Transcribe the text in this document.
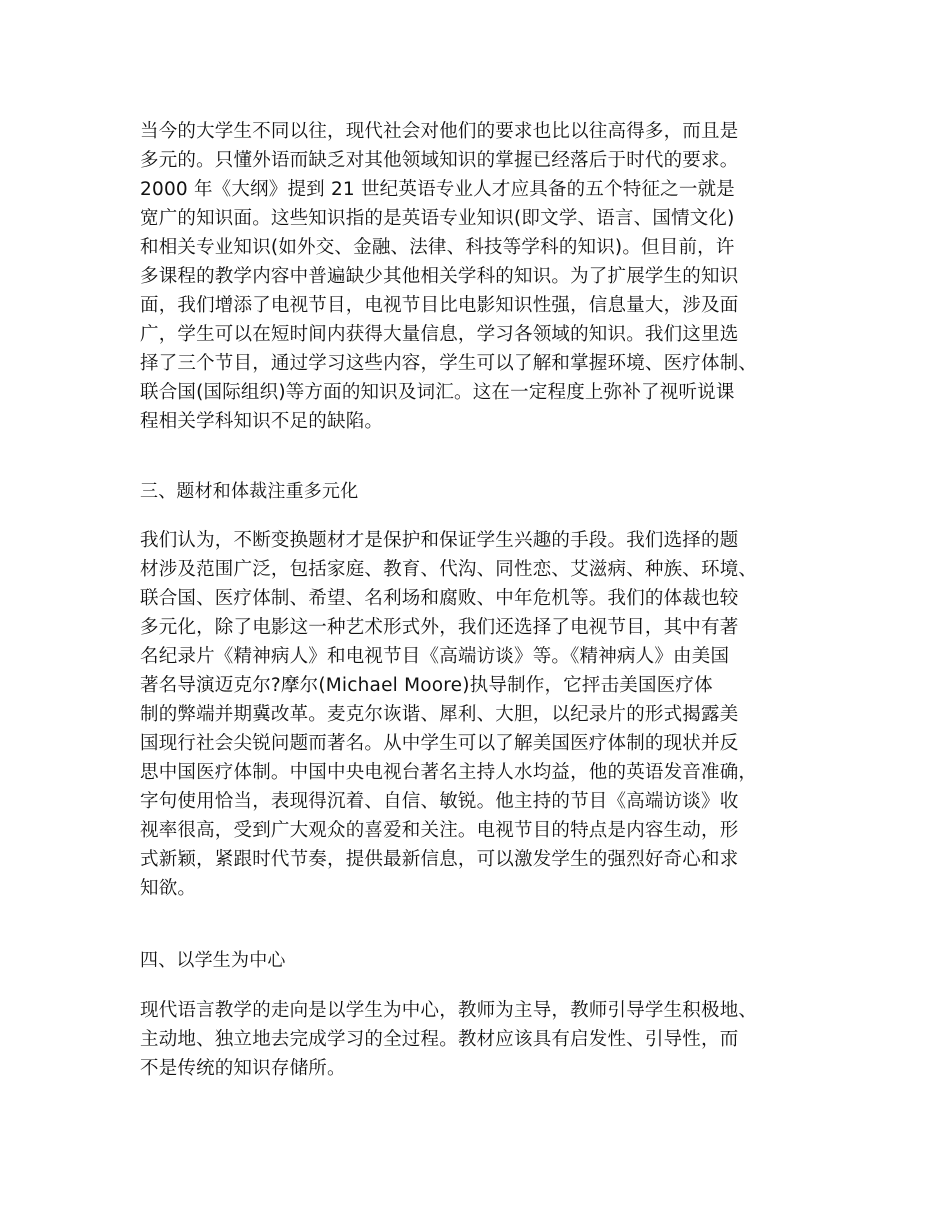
当今的大学生不同以往，现代社会对他们的要求也比以往高得多，而且是
多元的。只懂外语而缺乏对其他领域知识的掌握已经落后于时代的要求。
2000 年《大纲》提到 21 世纪英语专业人才应具备的五个特征之一就是
宽广的知识面。这些知识指的是英语专业知识(即文学、语言、国情文化)
和相关专业知识(如外交、金融、法律、科技等学科的知识)。但目前，许
多课程的教学内容中普遍缺少其他相关学科的知识。为了扩展学生的知识
面，我们增添了电视节目，电视节目比电影知识性强，信息量大，涉及面
广，学生可以在短时间内获得大量信息，学习各领域的知识。我们这里选
择了三个节目，通过学习这些内容，学生可以了解和掌握环境、医疗体制、
联合国(国际组织)等方面的知识及词汇。这在一定程度上弥补了视听说课
程相关学科知识不足的缺陷。
三、题材和体裁注重多元化
我们认为，不断变换题材才是保护和保证学生兴趣的手段。我们选择的题
材涉及范围广泛，包括家庭、教育、代沟、同性恋、艾滋病、种族、环境、
联合国、医疗体制、希望、名利场和腐败、中年危机等。我们的体裁也较
多元化，除了电影这一种艺术形式外，我们还选择了电视节目，其中有著
名纪录片《精神病人》和电视节目《高端访谈》等。《精神病人》由美国
著名导演迈克尔?摩尔(Michael Moore)执导制作，它抨击美国医疗体
制的弊端并期冀改革。麦克尔诙谐、犀利、大胆，以纪录片的形式揭露美
国现行社会尖锐问题而著名。从中学生可以了解美国医疗体制的现状并反
思中国医疗体制。中国中央电视台著名主持人水均益，他的英语发音准确，
字句使用恰当，表现得沉着、自信、敏锐。他主持的节目《高端访谈》收
视率很高，受到广大观众的喜爱和关注。电视节目的特点是内容生动，形
式新颖，紧跟时代节奏，提供最新信息，可以激发学生的强烈好奇心和求
知欲。
四、以学生为中心
现代语言教学的走向是以学生为中心，教师为主导，教师引导学生积极地、
主动地、独立地去完成学习的全过程。教材应该具有启发性、引导性，而
不是传统的知识存储所。
